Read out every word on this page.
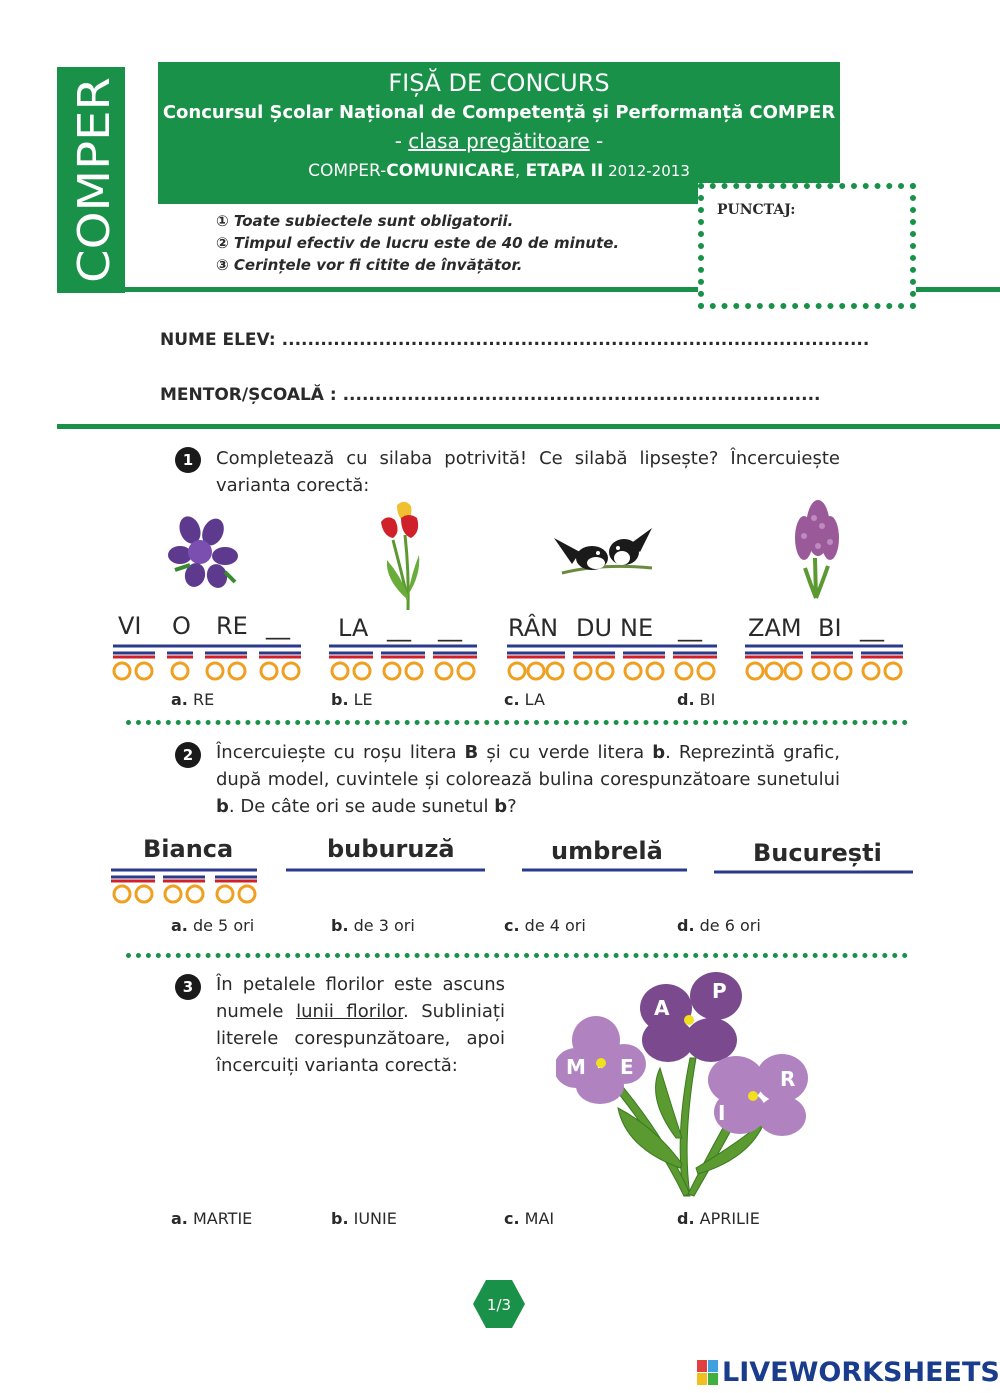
COMPER
FIȘĂ DE CONCURS
Concursul Școlar Național de Competență și Performanță COMPER
- clasa pregătitoare -
COMPER-COMUNICARE, ETAPA II 2012-2013
① Toate subiectele sunt obligatorii.
② Timpul efectiv de lucru este de 40 de minute.
③ Cerințele vor fi citite de învățător.
PUNCTAJ:
NUME ELEV: ...........................................................................................
MENTOR/ȘCOALĂ : ..........................................................................
1	Completează cu silaba potrivită! Ce silabă lipsește? Încercuiește varianta corectă:
VI O RE __ LA __ __ RÂN DU NE __ ZAM BI __
a. RE	b. LE	c. LA	d. BI
2	Încercuiește cu roșu litera B și cu verde litera b. Reprezintă grafic, după model, cuvintele și colorează bulina corespunzătoare sunetului b. De câte ori se aude sunetul b?
Bianca	buburuză	umbrelă	București
a. de 5 ori	b. de 3 ori	c. de 4 ori	d. de 6 ori
3	În petalele florilor este ascuns numele lunii florilor. Subliniați literele corespunzătoare, apoi încercuiți varianta corectă:
A
P
M E	R
I
a. MARTIE	b. IUNIE	c. MAI	d. APRILIE
1/3
LIVEWORKSHEETS
